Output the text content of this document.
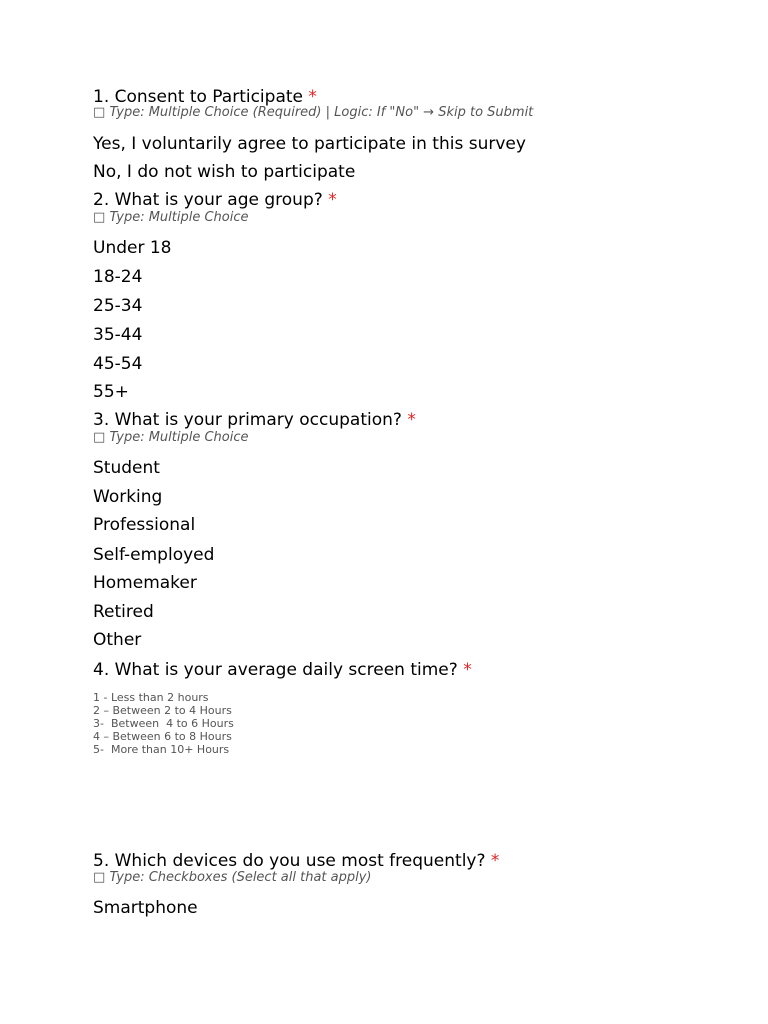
1. Consent to Participate *
□ Type: Multiple Choice (Required) | Logic: If "No" → Skip to Submit
Yes, I voluntarily agree to participate in this survey
No, I do not wish to participate
2. What is your age group? *
□ Type: Multiple Choice
Under 18
18-24
25-34
35-44
45-54
55+
3. What is your primary occupation? *
□ Type: Multiple Choice
Student
Working
Professional
Self-employed
Homemaker
Retired
Other
4. What is your average daily screen time? *
1 - Less than 2 hours
2 – Between 2 to 4 Hours
3-  Between  4 to 6 Hours
4 – Between 6 to 8 Hours
5-  More than 10+ Hours
5. Which devices do you use most frequently? *
□ Type: Checkboxes (Select all that apply)
Smartphone
